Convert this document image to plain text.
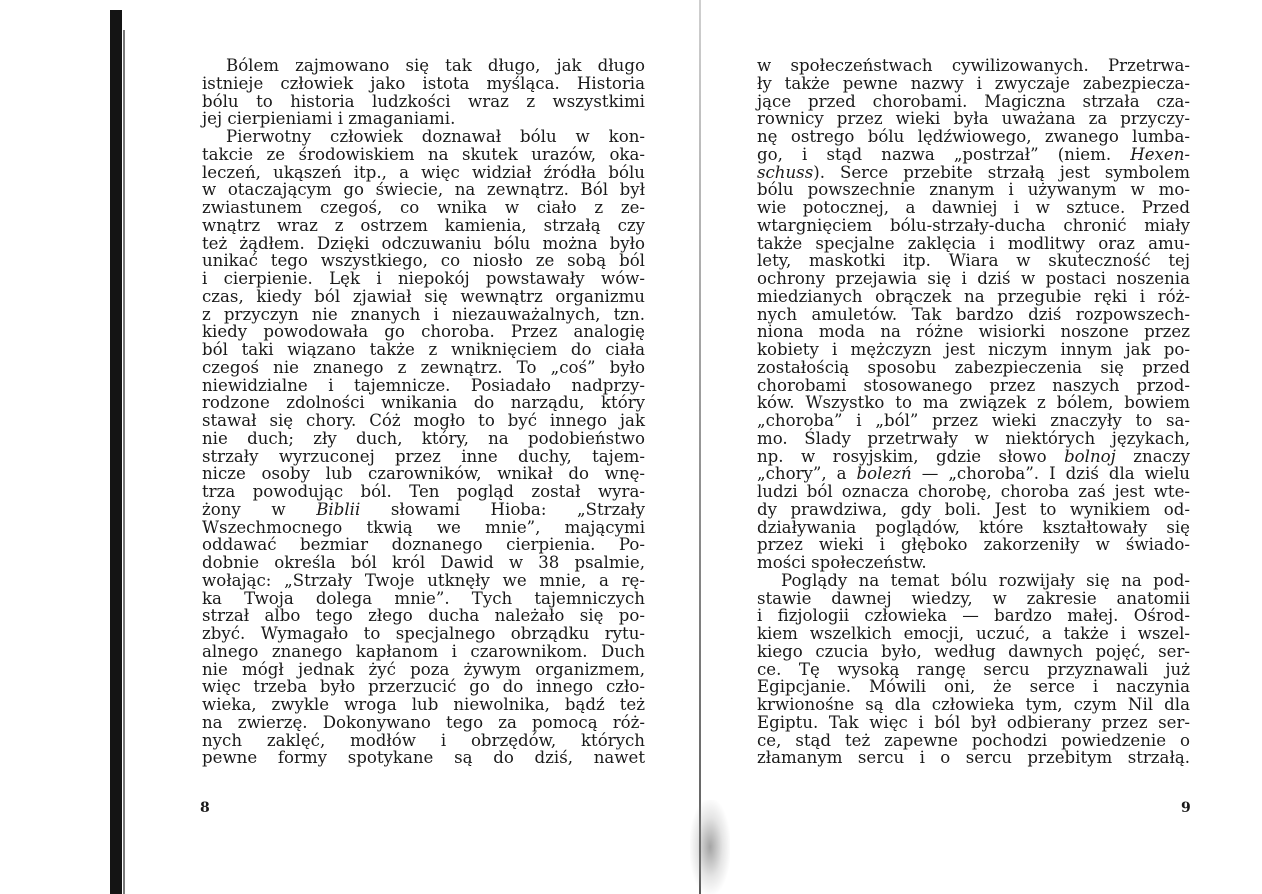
Bólem zajmowano się tak długo, jak długo
istnieje człowiek jako istota myśląca. Historia
bólu to historia ludzkości wraz z wszystkimi
jej cierpieniami i zmaganiami.
Pierwotny człowiek doznawał bólu w kon-
takcie ze środowiskiem na skutek urazów, oka-
leczeń, ukąszeń itp., a więc widział źródła bólu
w otaczającym go świecie, na zewnątrz. Ból był
zwiastunem czegoś, co wnika w ciało z ze-
wnątrz wraz z ostrzem kamienia, strzałą czy
też żądłem. Dzięki odczuwaniu bólu można było
unikać tego wszystkiego, co niosło ze sobą ból
i cierpienie. Lęk i niepokój powstawały wów-
czas, kiedy ból zjawiał się wewnątrz organizmu
z przyczyn nie znanych i niezauważalnych, tzn.
kiedy powodowała go choroba. Przez analogię
ból taki wiązano także z wniknięciem do ciała
czegoś nie znanego z zewnątrz. To „coś” było
niewidzialne i tajemnicze. Posiadało nadprzy-
rodzone zdolności wnikania do narządu, który
stawał się chory. Cóż mogło to być innego jak
nie duch; zły duch, który, na podobieństwo
strzały wyrzuconej przez inne duchy, tajem-
nicze osoby lub czarowników, wnikał do wnę-
trza powodując ból. Ten pogląd został wyra-
żony w Biblii słowami Hioba: „Strzały
Wszechmocnego tkwią we mnie”, mającymi
oddawać bezmiar doznanego cierpienia. Po-
dobnie określa ból król Dawid w 38 psalmie,
wołając: „Strzały Twoje utknęły we mnie, a rę-
ka Twoja dolega mnie”. Tych tajemniczych
strzał albo tego złego ducha należało się po-
zbyć. Wymagało to specjalnego obrządku rytu-
alnego znanego kapłanom i czarownikom. Duch
nie mógł jednak żyć poza żywym organizmem,
więc trzeba było przerzucić go do innego czło-
wieka, zwykle wroga lub niewolnika, bądź też
na zwierzę. Dokonywano tego za pomocą róż-
nych zaklęć, modłów i obrzędów, których
pewne formy spotykane są do dziś, nawet
w społeczeństwach cywilizowanych. Przetrwa-
ły także pewne nazwy i zwyczaje zabezpiecza-
jące przed chorobami. Magiczna strzała cza-
rownicy przez wieki była uważana za przyczy-
nę ostrego bólu lędźwiowego, zwanego lumba-
go, i stąd nazwa „postrzał” (niem. Hexen-
schuss). Serce przebite strzałą jest symbolem
bólu powszechnie znanym i używanym w mo-
wie potocznej, a dawniej i w sztuce. Przed
wtargnięciem bólu-strzały-ducha chronić miały
także specjalne zaklęcia i modlitwy oraz amu-
lety, maskotki itp. Wiara w skuteczność tej
ochrony przejawia się i dziś w postaci noszenia
miedzianych obrączek na przegubie ręki i róż-
nych amuletów. Tak bardzo dziś rozpowszech-
niona moda na różne wisiorki noszone przez
kobiety i mężczyzn jest niczym innym jak po-
zostałością sposobu zabezpieczenia się przed
chorobami stosowanego przez naszych przod-
ków. Wszystko to ma związek z bólem, bowiem
„choroba” i „ból” przez wieki znaczyły to sa-
mo. Ślady przetrwały w niektórych językach,
np. w rosyjskim, gdzie słowo bolnoj znaczy
„chory”, a bolezń — „choroba”. I dziś dla wielu
ludzi ból oznacza chorobę, choroba zaś jest wte-
dy prawdziwa, gdy boli. Jest to wynikiem od-
działywania poglądów, które kształtowały się
przez wieki i głęboko zakorzeniły w świado-
mości społeczeństw.
Poglądy na temat bólu rozwijały się na pod-
stawie dawnej wiedzy, w zakresie anatomii
i fizjologii człowieka — bardzo małej. Ośrod-
kiem wszelkich emocji, uczuć, a także i wszel-
kiego czucia było, według dawnych pojęć, ser-
ce. Tę wysoką rangę sercu przyznawali już
Egipcjanie. Mówili oni, że serce i naczynia
krwionośne są dla człowieka tym, czym Nil dla
Egiptu. Tak więc i ból był odbierany przez ser-
ce, stąd też zapewne pochodzi powiedzenie o
złamanym sercu i o sercu przebitym strzałą.
8	9
